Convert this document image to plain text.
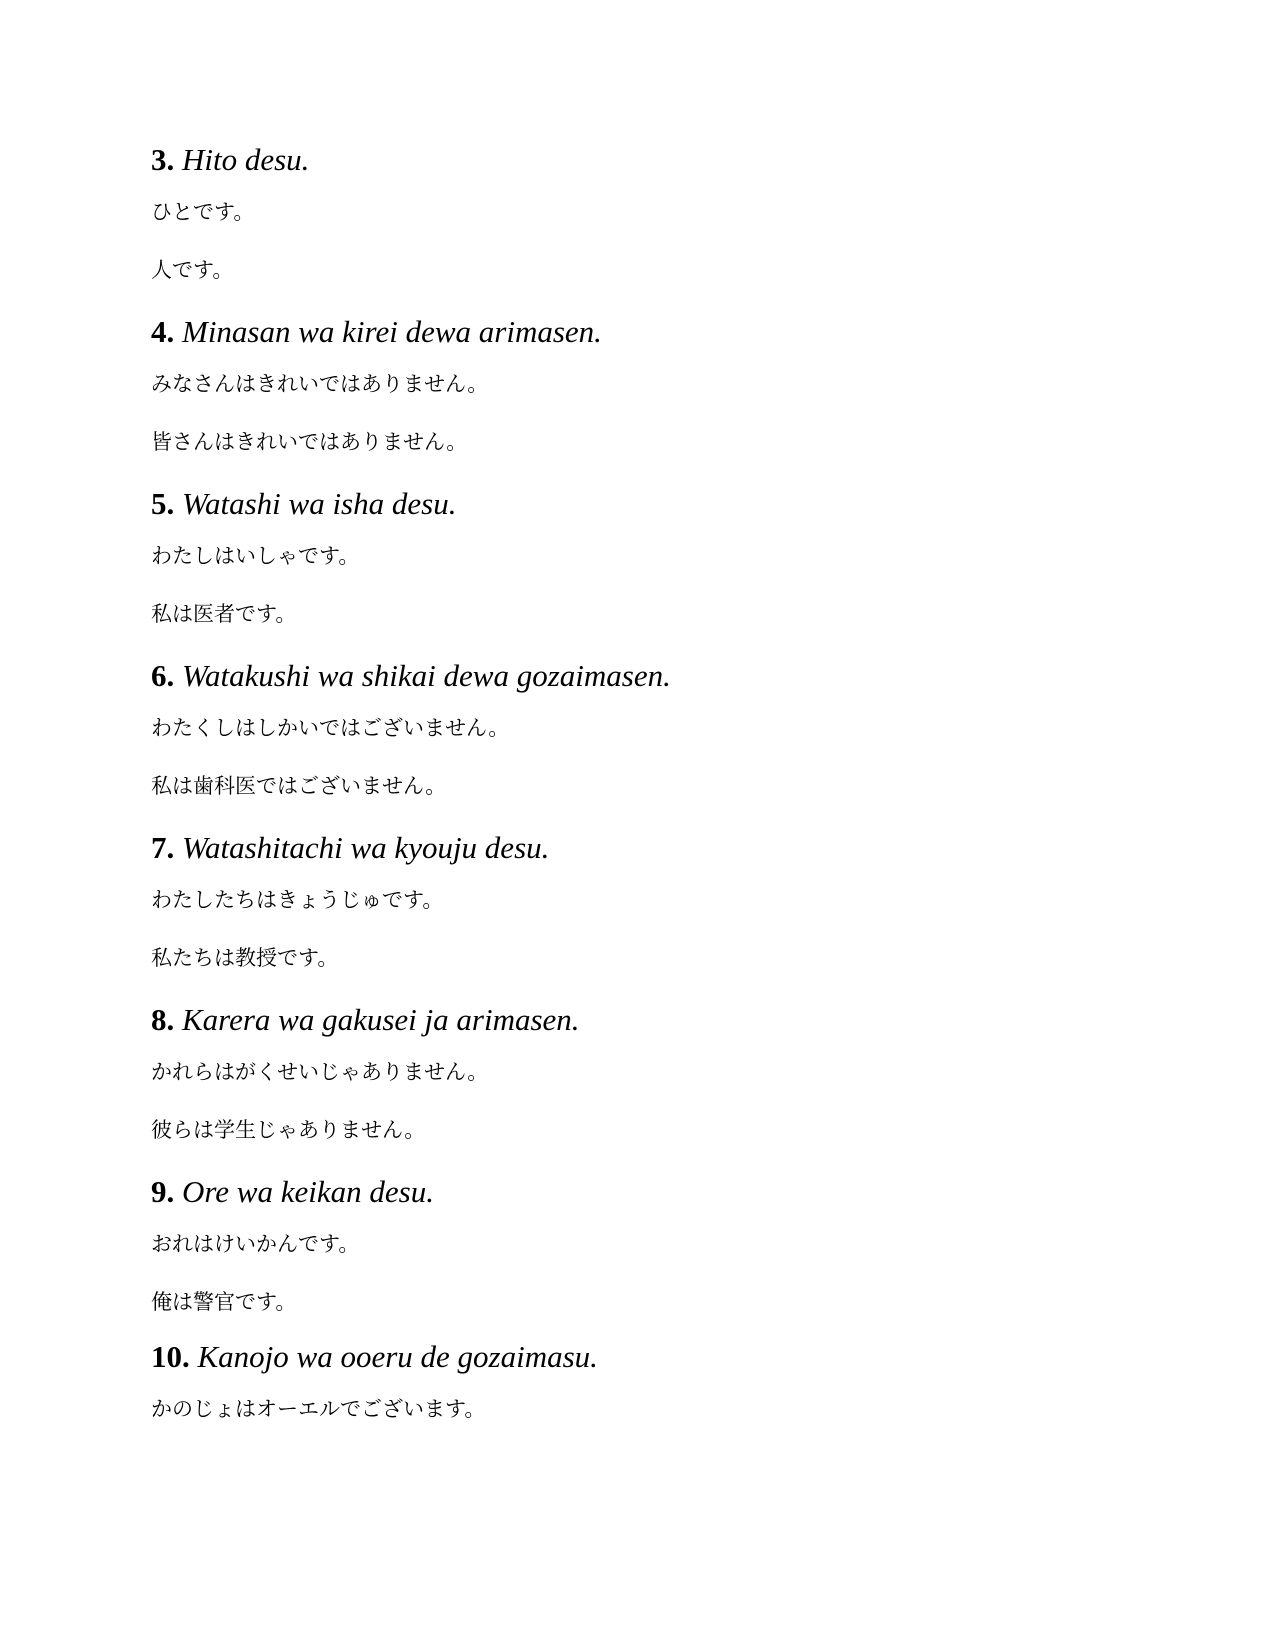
3. Hito desu.
ひとです。
人です。
4. Minasan wa kirei dewa arimasen.
みなさんはきれいではありません。
皆さんはきれいではありません。
5. Watashi wa isha desu.
わたしはいしゃです。
私は医者です。
6. Watakushi wa shikai dewa gozaimasen.
わたくしはしかいではございません。
私は歯科医ではございません。
7. Watashitachi wa kyouju desu.
わたしたちはきょうじゅです。
私たちは教授です。
8. Karera wa gakusei ja arimasen.
かれらはがくせいじゃありません。
彼らは学生じゃありません。
9. Ore wa keikan desu.
おれはけいかんです。
俺は警官です。
10. Kanojo wa ooeru de gozaimasu.
かのじょはオーエルでございます。
